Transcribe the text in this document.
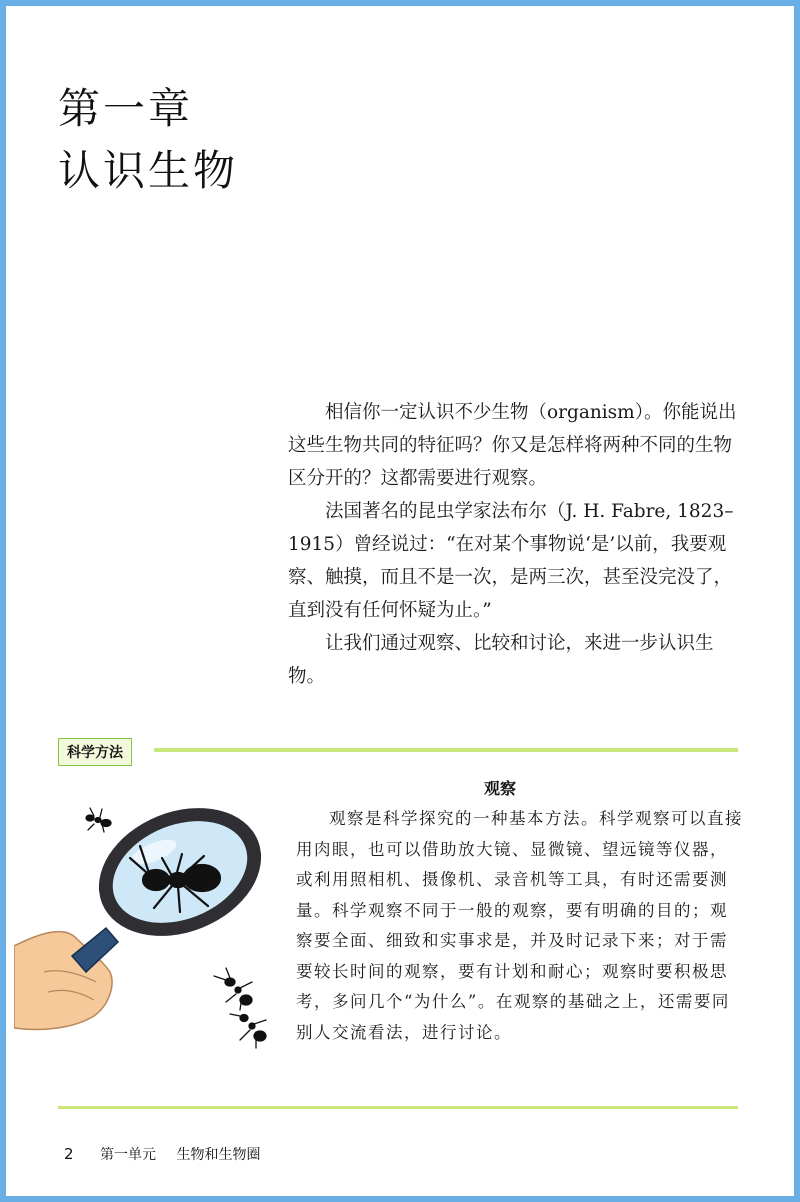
第一章
认识生物

相信你一定认识不少生物（organism）。你能说出这些生物共同的特征吗？你又是怎样将两种不同的生物区分开的？这都需要进行观察。

法国著名的昆虫学家法布尔（J. H. Fabre, 1823–1915）曾经说过：“在对某个事物说‘是’以前，我要观察、触摸，而且不是一次，是两三次，甚至没完没了，直到没有任何怀疑为止。”

让我们通过观察、比较和讨论，来进一步认识生物。

科学方法
观察

观察是科学探究的一种基本方法。科学观察可以直接用肉眼，也可以借助放大镜、显微镜、望远镜等仪器，或利用照相机、摄像机、录音机等工具，有时还需要测量。科学观察不同于一般的观察，要有明确的目的；观察要全面、细致和实事求是，并及时记录下来；对于需要较长时间的观察，要有计划和耐心；观察时要积极思考，多问几个“为什么”。在观察的基础之上，还需要同别人交流看法，进行讨论。

2 第一单元 生物和生物圈
